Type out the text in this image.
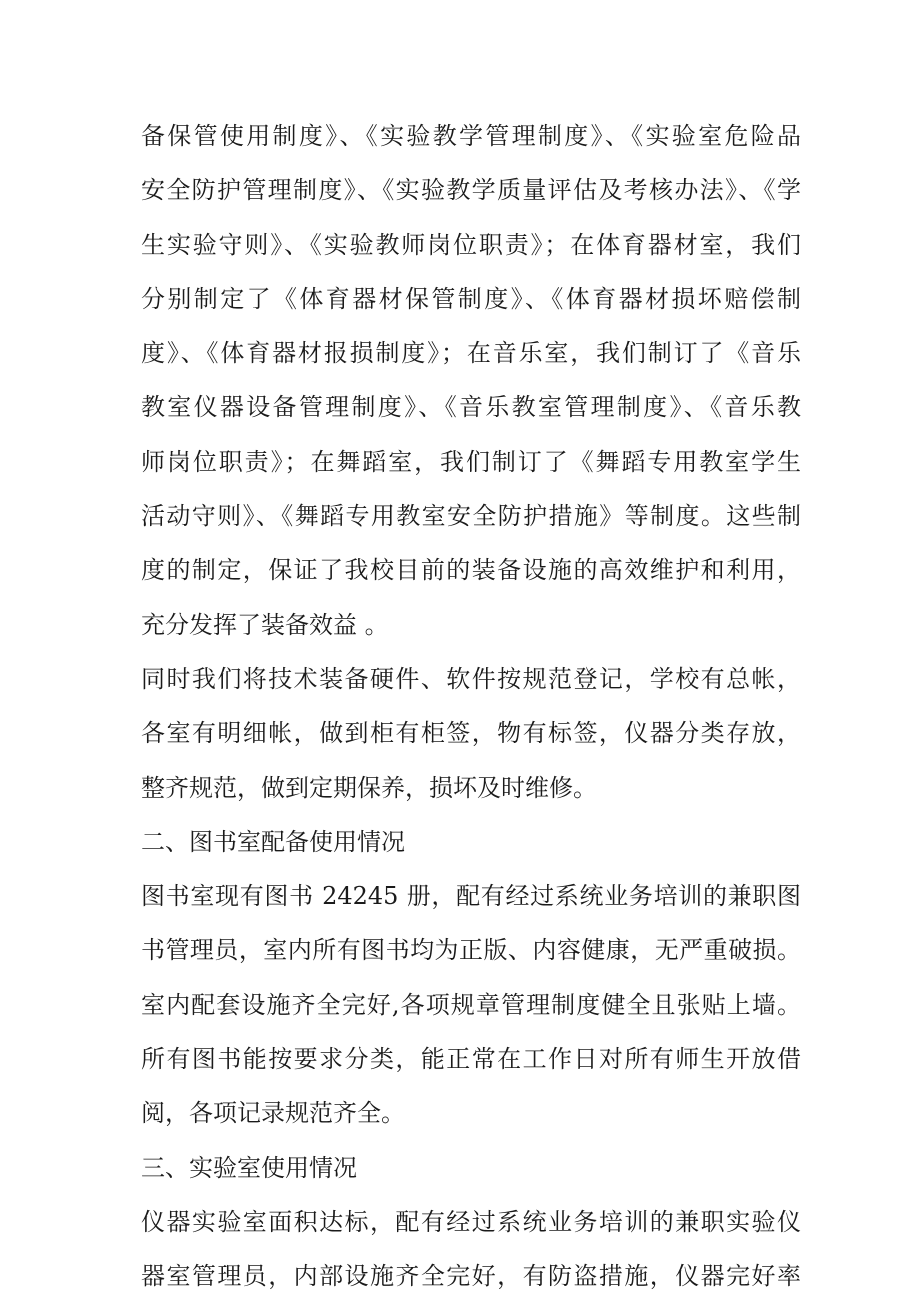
备保管使用制度》、《实验教学管理制度》、《实验室危险品
安全防护管理制度》、《实验教学质量评估及考核办法》、《学
生实验守则》、《实验教师岗位职责》；在体育器材室，我们
分别制定了《体育器材保管制度》、《体育器材损坏赔偿制
度》、《体育器材报损制度》；在音乐室，我们制订了《音乐
教室仪器设备管理制度》、《音乐教室管理制度》、《音乐教
师岗位职责》；在舞蹈室，我们制订了《舞蹈专用教室学生
活动守则》、《舞蹈专用教室安全防护措施》等制度。这些制
度的制定，保证了我校目前的装备设施的高效维护和利用，
充分发挥了装备效益 。
同时我们将技术装备硬件、软件按规范登记，学校有总帐，
各室有明细帐，做到柜有柜签，物有标签，仪器分类存放，
整齐规范，做到定期保养，损坏及时维修。
二、图书室配备使用情况
图书室现有图书 24245 册，配有经过系统业务培训的兼职图
书管理员，室内所有图书均为正版、内容健康，无严重破损。
室内配套设施齐全完好,各项规章管理制度健全且张贴上墙。
所有图书能按要求分类，能正常在工作日对所有师生开放借
阅，各项记录规范齐全。
三、实验室使用情况
仪器实验室面积达标，配有经过系统业务培训的兼职实验仪
器室管理员，内部设施齐全完好，有防盗措施，仪器完好率
